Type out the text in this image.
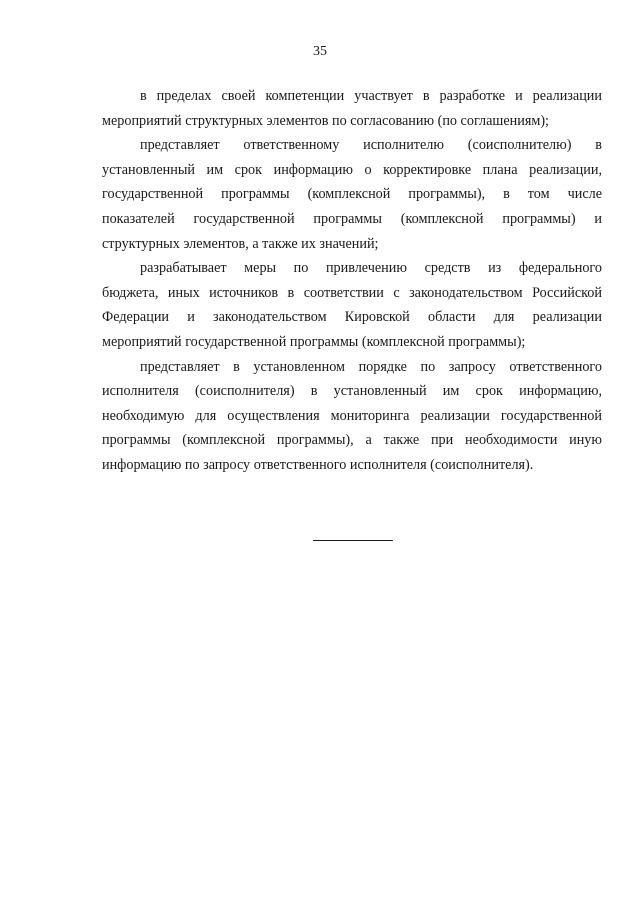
35
в пределах своей компетенции участвует в разработке и реализации
мероприятий структурных элементов по согласованию (по соглашениям);
представляет ответственному исполнителю (соисполнителю) в
установленный им срок информацию о корректировке плана реализации,
государственной программы (комплексной программы), в том числе
показателей государственной программы (комплексной программы) и
структурных элементов, а также их значений;
разрабатывает меры по привлечению средств из федерального
бюджета, иных источников в соответствии с законодательством Российской
Федерации и законодательством Кировской области для реализации
мероприятий государственной программы (комплексной программы);
представляет в установленном порядке по запросу ответственного
исполнителя (соисполнителя) в установленный им срок информацию,
необходимую для осуществления мониторинга реализации государственной
программы (комплексной программы), а также при необходимости иную
информацию по запросу ответственного исполнителя (соисполнителя).
